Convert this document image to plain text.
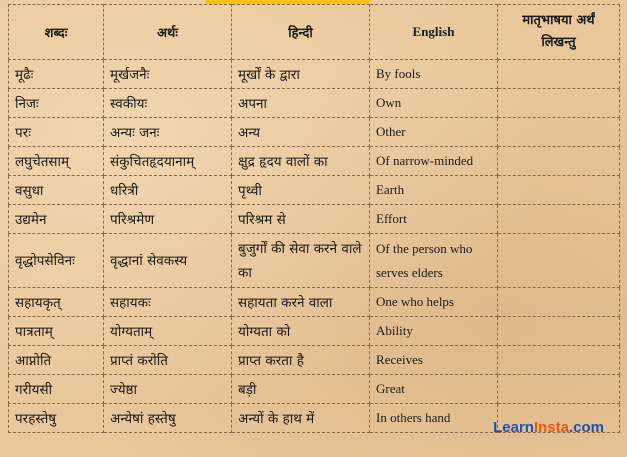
शब्दः	अर्थः	हिन्दी	English	मातृभाषया अर्थं लिखन्तु
मूढैः	मूर्खजनैः	मूर्खों के द्वारा	By fools	
निजः	स्वकीयः	अपना	Own	
परः	अन्यः जनः	अन्य	Other	
लघुचेतसाम्	संकुचितहृदयानाम्	क्षुद्र हृदय वालों का	Of narrow-minded	
वसुधा	धरित्री	पृथ्वी	Earth	
उद्यमेन	परिश्रमेण	परिश्रम से	Effort	
वृद्धोपसेविनः	वृद्धानां सेवकस्य	बुजुर्गों की सेवा करने वाले का	Of the person who serves elders	
सहायकृत्	सहायकः	सहायता करने वाला	One who helps	
पात्रताम्	योग्यताम्	योग्यता को	Ability	
आप्नोति	प्राप्तं करोति	प्राप्त करता है	Receives	
गरीयसी	ज्येष्ठा	बड़ी	Great	
परहस्तेषु	अन्येषां हस्तेषु	अन्यों के हाथ में	In others hand	
LearnInsta.com
